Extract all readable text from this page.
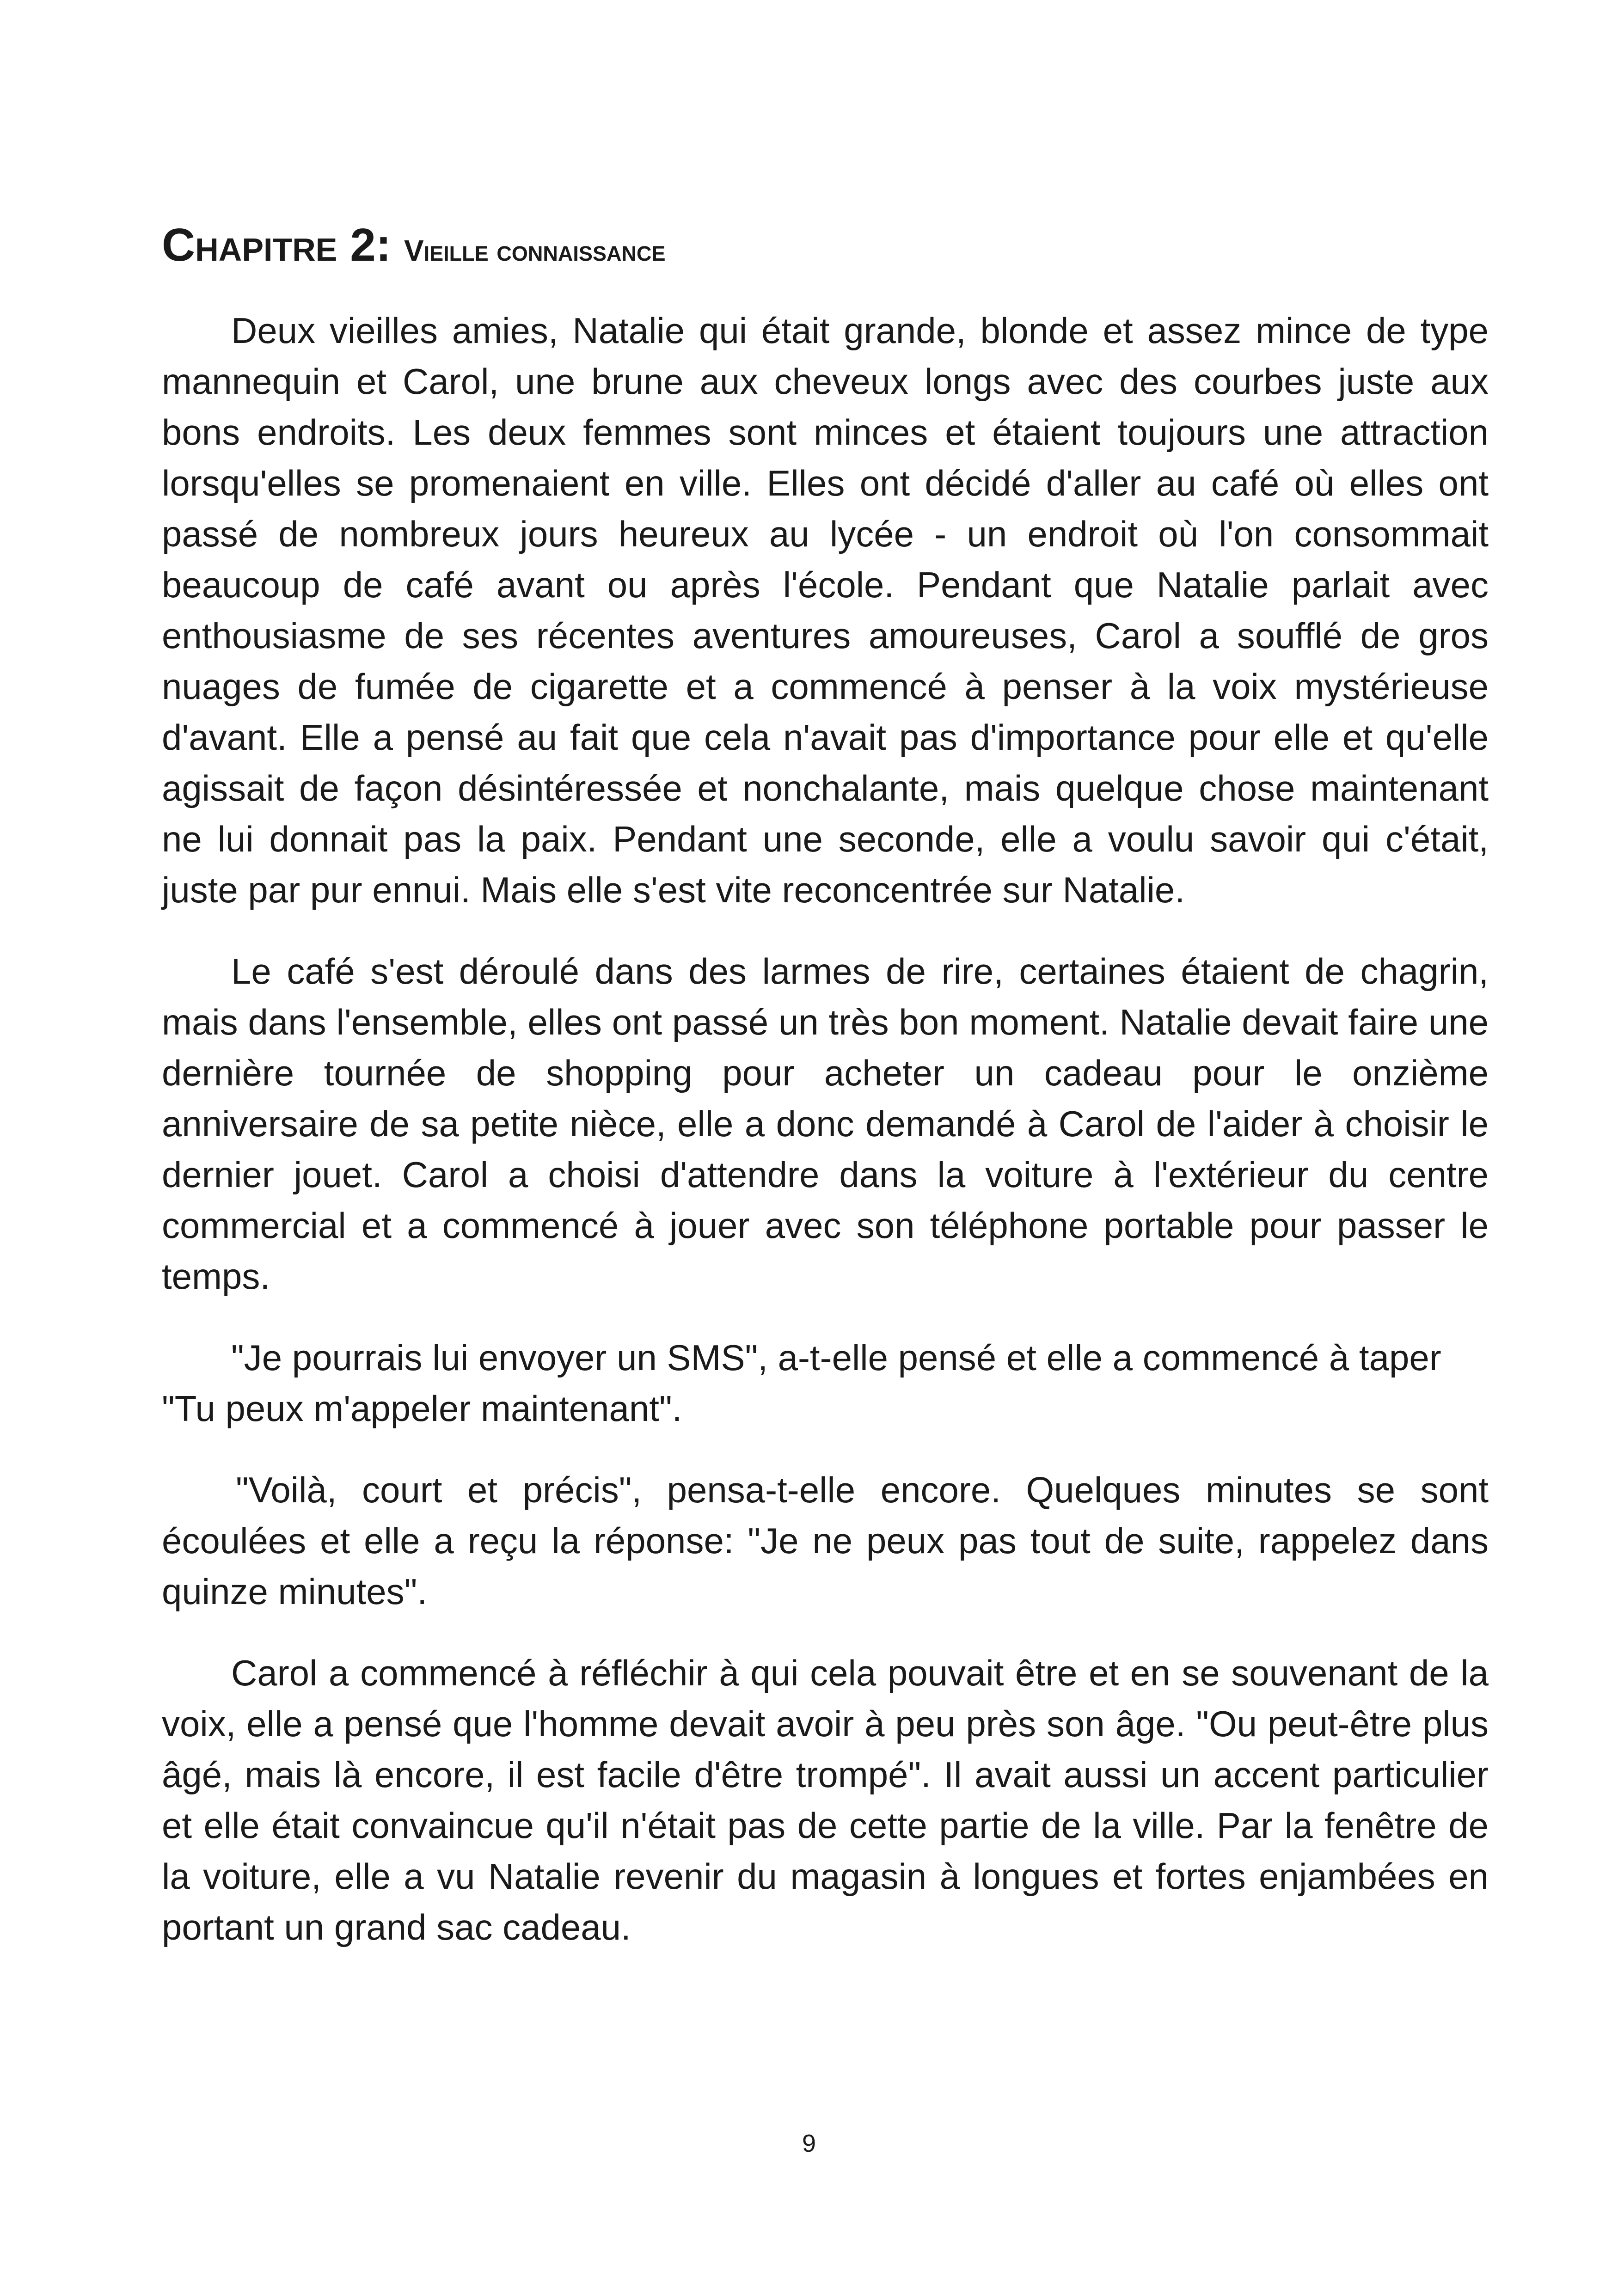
Chapitre 2: Vieille connaissance

Deux vieilles amies, Natalie qui était grande, blonde et assez mince de type mannequin et Carol, une brune aux cheveux longs avec des courbes juste aux bons endroits. Les deux femmes sont minces et étaient toujours une attraction lorsqu'elles se promenaient en ville. Elles ont décidé d'aller au café où elles ont passé de nombreux jours heureux au lycée - un endroit où l'on consommait beaucoup de café avant ou après l'école. Pendant que Natalie parlait avec enthousiasme de ses récentes aventures amoureuses, Carol a soufflé de gros nuages de fumée de cigarette et a commencé à penser à la voix mystérieuse d'avant. Elle a pensé au fait que cela n'avait pas d'importance pour elle et qu'elle agissait de façon désintéressée et nonchalante, mais quelque chose maintenant ne lui donnait pas la paix. Pendant une seconde, elle a voulu savoir qui c'était, juste par pur ennui. Mais elle s'est vite reconcentrée sur Natalie.

Le café s'est déroulé dans des larmes de rire, certaines étaient de chagrin, mais dans l'ensemble, elles ont passé un très bon moment. Natalie devait faire une dernière tournée de shopping pour acheter un cadeau pour le onzième anniversaire de sa petite nièce, elle a donc demandé à Carol de l'aider à choisir le dernier jouet. Carol a choisi d'attendre dans la voiture à l'extérieur du centre commercial et a commencé à jouer avec son téléphone portable pour passer le temps.

"Je pourrais lui envoyer un SMS", a-t-elle pensé et elle a commencé à taper
"Tu peux m'appeler maintenant".

"Voilà, court et précis", pensa-t-elle encore. Quelques minutes se sont écoulées et elle a reçu la réponse: "Je ne peux pas tout de suite, rappelez dans quinze minutes".

Carol a commencé à réfléchir à qui cela pouvait être et en se souvenant de la voix, elle a pensé que l'homme devait avoir à peu près son âge. "Ou peut-être plus âgé, mais là encore, il est facile d'être trompé". Il avait aussi un accent particulier et elle était convaincue qu'il n'était pas de cette partie de la ville. Par la fenêtre de la voiture, elle a vu Natalie revenir du magasin à longues et fortes enjambées en portant un grand sac cadeau.

9
